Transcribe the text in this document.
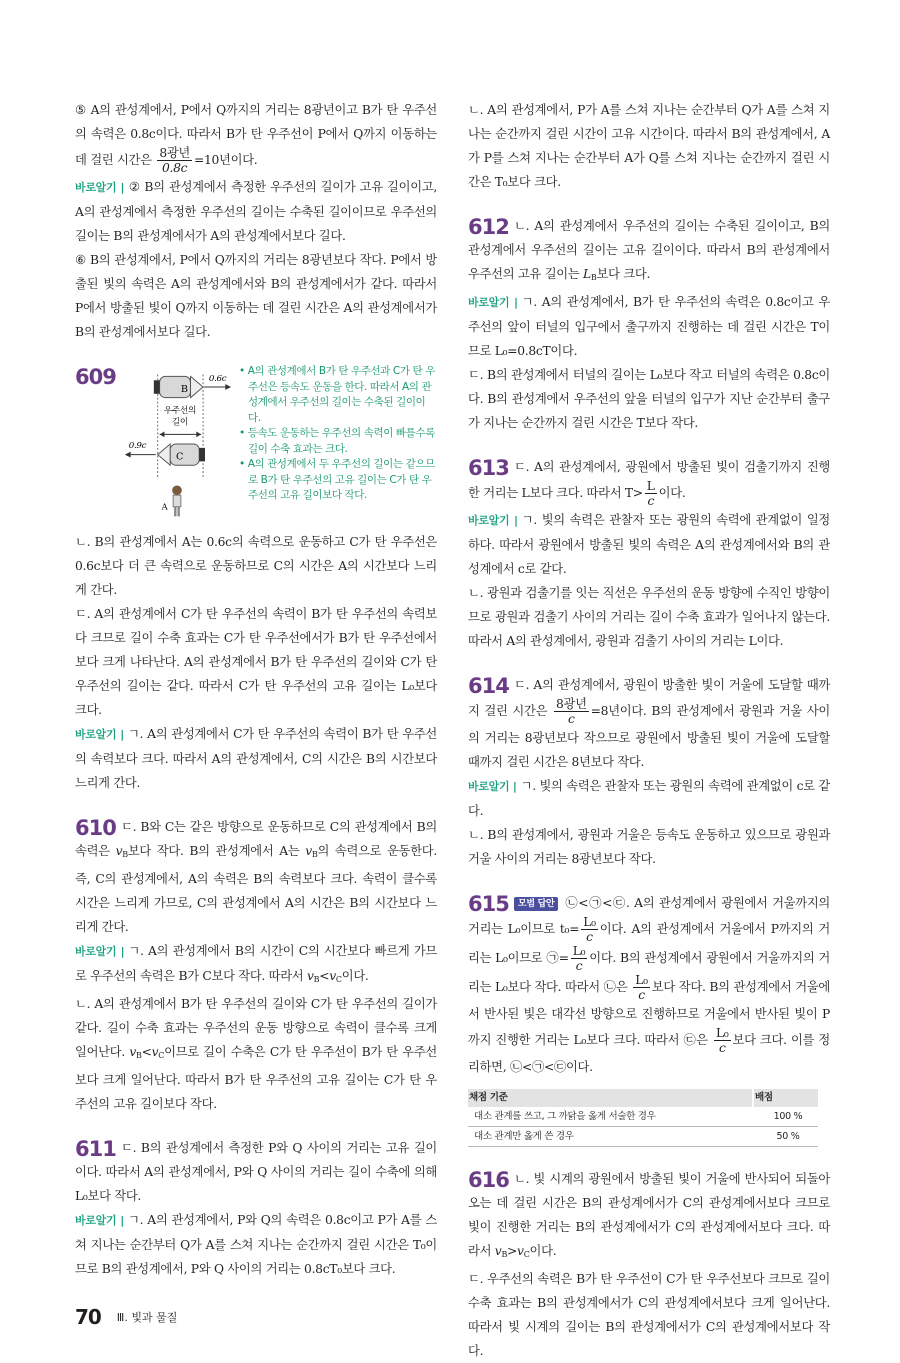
⑤ A의 관성계에서, P에서 Q까지의 거리는 8광년이고 B가 탄 우주선의 속력은 0.8c이다. 따라서 B가 탄 우주선이 P에서 Q까지 이동하는 데 걸린 시간은 $\frac{\text{8광년}}{0.8c} =10$년이다.

바로알기 | ② B의 관성계에서 측정한 우주선의 길이가 고유 길이이고, A의 관성계에서 측정한 우주선의 길이는 수축된 길이이므로 우주선의 길이는 B의 관성계에서가 A의 관성계에서보다 길다.

⑥ B의 관성계에서, P에서 Q까지의 거리는 8광년보다 작다. P에서 방출된 빛의 속력은 A의 관성계에서와 B의 관성계에서가 같다. 따라서 P에서 방출된 빛이 Q까지 이동하는 데 걸린 시간은 A의 관성계에서가 B의 관성계에서보다 길다.

609
B
0.6c
우주선의
길이
C
0.9c
A
• A의 관성계에서 B가 탄 우주선과 C가 탄 우주선은 등속도 운동을 한다. 따라서 A의 관성계에서 우주선의 길이는 수축된 길이이다.
• 등속도 운동하는 우주선의 속력이 빠를수록 길이 수축 효과는 크다.
• A의 관성계에서 두 우주선의 길이는 같으므로 B가 탄 우주선의 고유 길이는 C가 탄 우주선의 고유 길이보다 작다.

ㄴ. B의 관성계에서 A는 0.6c의 속력으로 운동하고 C가 탄 우주선은 0.6c보다 더 큰 속력으로 운동하므로 C의 시간은 A의 시간보다 느리게 간다.

ㄷ. A의 관성계에서 C가 탄 우주선의 속력이 B가 탄 우주선의 속력보다 크므로 길이 수축 효과는 C가 탄 우주선에서가 B가 탄 우주선에서보다 크게 나타난다. A의 관성계에서 B가 탄 우주선의 길이와 C가 탄 우주선의 길이는 같다. 따라서 C가 탄 우주선의 고유 길이는 L₀보다 크다.

바로알기 | ㄱ. A의 관성계에서 C가 탄 우주선의 속력이 B가 탄 우주선의 속력보다 크다. 따라서 A의 관성계에서, C의 시간은 B의 시간보다 느리게 간다.

610 ㄷ. B와 C는 같은 방향으로 운동하므로 C의 관성계에서 B의 속력은 $v_B$보다 작다. B의 관성계에서 A는 $v_B$의 속력으로 운동한다. 즉, C의 관성계에서, A의 속력은 B의 속력보다 크다. 속력이 클수록 시간은 느리게 가므로, C의 관성계에서 A의 시간은 B의 시간보다 느리게 간다.

바로알기 | ㄱ. A의 관성계에서 B의 시간이 C의 시간보다 빠르게 가므로 우주선의 속력은 B가 C보다 작다. 따라서 $v_B<v_C$이다.

ㄴ. A의 관성계에서 B가 탄 우주선의 길이와 C가 탄 우주선의 길이가 같다. 길이 수축 효과는 우주선의 운동 방향으로 속력이 클수록 크게 일어난다. $v_B<v_C$이므로 길이 수축은 C가 탄 우주선이 B가 탄 우주선보다 크게 일어난다. 따라서 B가 탄 우주선의 고유 길이는 C가 탄 우주선의 고유 길이보다 작다.

611 ㄷ. B의 관성계에서 측정한 P와 Q 사이의 거리는 고유 길이이다. 따라서 A의 관성계에서, P와 Q 사이의 거리는 길이 수축에 의해 L₀보다 작다.

바로알기 | ㄱ. A의 관성계에서, P와 Q의 속력은 0.8c이고 P가 A를 스쳐 지나는 순간부터 Q가 A를 스쳐 지나는 순간까지 걸린 시간은 T₀이므로 B의 관성계에서, P와 Q 사이의 거리는 0.8cT₀보다 크다.

70 Ⅲ. 빛과 물질

ㄴ. A의 관성계에서, P가 A를 스쳐 지나는 순간부터 Q가 A를 스쳐 지나는 순간까지 걸린 시간이 고유 시간이다. 따라서 B의 관성계에서, A가 P를 스쳐 지나는 순간부터 A가 Q를 스쳐 지나는 순간까지 걸린 시간은 T₀보다 크다.

612 ㄴ. A의 관성계에서 우주선의 길이는 수축된 길이이고, B의 관성계에서 우주선의 길이는 고유 길이이다. 따라서 B의 관성계에서 우주선의 고유 길이는 $L_B$보다 크다.

바로알기 | ㄱ. A의 관성계에서, B가 탄 우주선의 속력은 0.8c이고 우주선의 앞이 터널의 입구에서 출구까지 진행하는 데 걸린 시간은 T이므로 L₀=0.8cT이다.

ㄷ. B의 관성계에서 터널의 길이는 L₀보다 작고 터널의 속력은 0.8c이다. B의 관성계에서 우주선의 앞을 터널의 입구가 지난 순간부터 출구가 지나는 순간까지 걸린 시간은 T보다 작다.

613 ㄷ. A의 관성계에서, 광원에서 방출된 빛이 검출기까지 진행한 거리는 L보다 크다. 따라서 $T> \frac{L}{c}$ 이다.

바로알기 | ㄱ. 빛의 속력은 관찰자 또는 광원의 속력에 관계없이 일정하다. 따라서 광원에서 방출된 빛의 속력은 A의 관성계에서와 B의 관성계에서 c로 같다.

ㄴ. 광원과 검출기를 잇는 직선은 우주선의 운동 방향에 수직인 방향이므로 광원과 검출기 사이의 거리는 길이 수축 효과가 일어나지 않는다. 따라서 A의 관성계에서, 광원과 검출기 사이의 거리는 L이다.

614 ㄷ. A의 관성계에서, 광원이 방출한 빛이 거울에 도달할 때까지 걸린 시간은 $\frac{\text{8광년}}{c} =8$년이다. B의 관성계에서 광원과 거울 사이의 거리는 8광년보다 작으므로 광원에서 방출된 빛이 거울에 도달할 때까지 걸린 시간은 8년보다 작다.

바로알기 | ㄱ. 빛의 속력은 관찰자 또는 광원의 속력에 관계없이 c로 같다.

ㄴ. B의 관성계에서, 광원과 거울은 등속도 운동하고 있으므로 광원과 거울 사이의 거리는 8광년보다 작다.

615	모범 답안 ㉡<㉠<㉢. A의 관성계에서 광원에서 거울까지의 거리는 L₀이므로 $t_0= \frac{\text{L₀}}{c}$ 이다. A의 관성계에서 거울에서 P까지의 거리는 L₀이므로 ㉠= $\frac{\text{L₀}}{c}$ 이다. B의 관성계에서 광원에서 거울까지의 거리는 L₀보다 작다. 따라서 ㉡은 $\frac{\text{L₀}}{c}$ 보다 작다. B의 관성계에서 거울에서 반사된 빛은 대각선 방향으로 진행하므로 거울에서 반사된 빛이 P까지 진행한 거리는 L₀보다 크다. 따라서 ㉢은 $\frac{\text{L₀}}{c}$ 보다 크다. 이를 정리하면, ㉡<㉠<㉢이다.

채점 기준	배점
대소 관계를 쓰고, 그 까닭을 옳게 서술한 경우	100 %
대소 관계만 옳게 쓴 경우	50 %
616 ㄴ. 빛 시계의 광원에서 방출된 빛이 거울에 반사되어 되돌아오는 데 걸린 시간은 B의 관성계에서가 C의 관성계에서보다 크므로 빛이 진행한 거리는 B의 관성계에서가 C의 관성계에서보다 크다. 따라서 $v_B>v_C$이다.

ㄷ. 우주선의 속력은 B가 탄 우주선이 C가 탄 우주선보다 크므로 길이 수축 효과는 B의 관성계에서가 C의 관성계에서보다 크게 일어난다. 따라서 빛 시계의 길이는 B의 관성계에서가 C의 관성계에서보다 작다.
